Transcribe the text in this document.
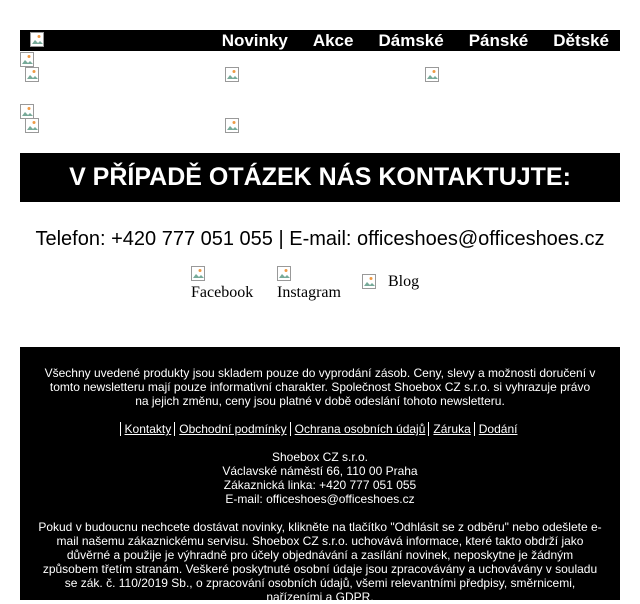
Novinky Akce Dámské Pánské Dětské
V PŘÍPADĚ OTÁZEK NÁS KONTAKTUJTE:
Telefon: +420 777 051 055 | E-mail: officeshoes@officeshoes.cz
Facebook Instagram
Blog

Všechny uvedené produkty jsou skladem pouze do vyprodání zásob. Ceny, slevy a možnosti doručení v tomto newsletteru mají pouze informativní charakter. Společnost Shoebox CZ s.r.o. si vyhrazuje právo na jejich změnu, ceny jsou platné v době odeslání tohoto newsletteru.

Kontakty Obchodní podmínky Ochrana osobních údajů Záruka Dodání

Shoebox CZ s.r.o.

Václavské náměstí 66, 110 00 Praha

Zákaznická linka: +420 777 051 055

E-mail: officeshoes@officeshoes.cz

Pokud v budoucnu nechcete dostávat novinky, klikněte na tlačítko "Odhlásit se z odběru" nebo odešlete e-mail našemu zákaznickému servisu. Shoebox CZ s.r.o. uchovává informace, které takto obdrží jako důvěrné a použije je výhradně pro účely objednávání a zasílání novinek, neposkytne je žádným způsobem třetím stranám. Veškeré poskytnuté osobní údaje jsou zpracovávány a uchovávány v souladu se zák. č. 110/2019 Sb., o zpracování osobních údajů, všemi relevantními předpisy, směrnicemi, nařízeními a GDPR.
